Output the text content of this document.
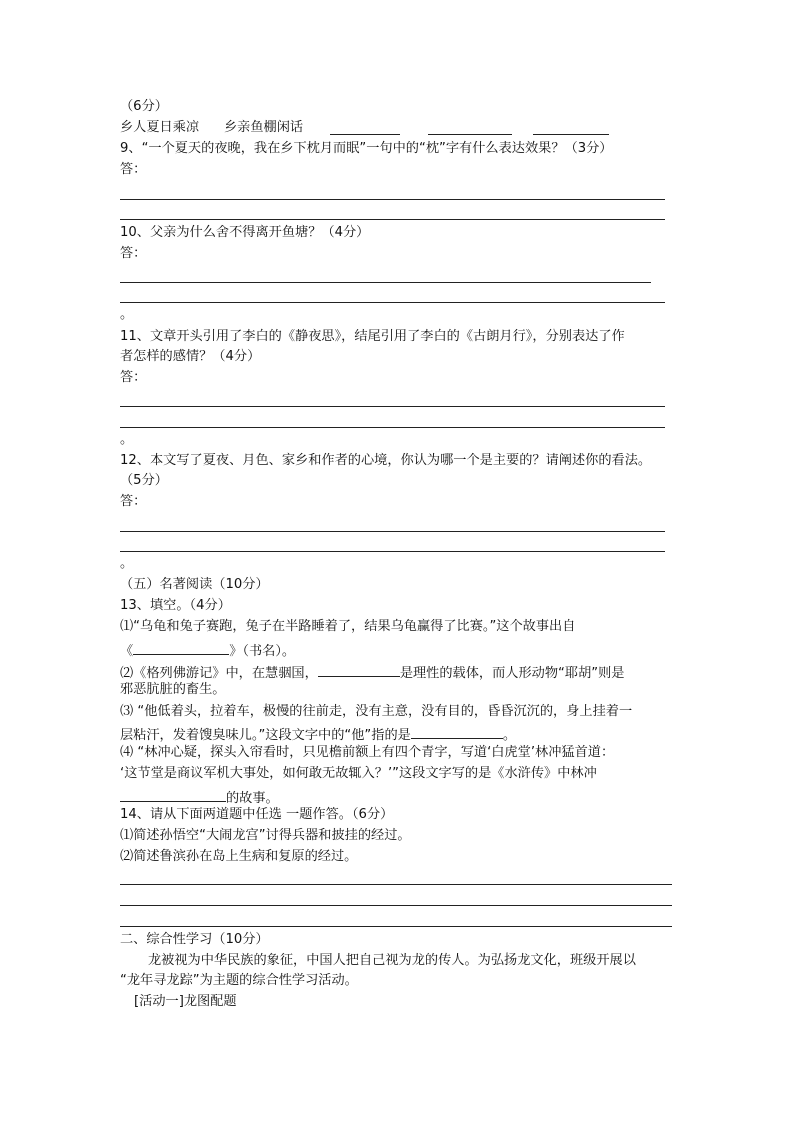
（6分）
乡人夏日乘凉 乡亲鱼棚闲话
9、“一个夏天的夜晚，我在乡下枕月而眠”一句中的“枕”字有什么表达效果？（3分）
答：
10、父亲为什么舍不得离开鱼塘？（4分）
答：
。
11、文章开头引用了李白的《静夜思》，结尾引用了李白的《古朗月行》，分别表达了作
者怎样的感情？（4分）
答：
。
12、本文写了夏夜、月色、家乡和作者的心境，你认为哪一个是主要的？请阐述你的看法。
（5分）
答：
。
（五）名著阅读（10分）
13、填空。（4分）
⑴“乌龟和兔子赛跑，兔子在半路睡着了，结果乌龟赢得了比赛。”这个故事出自
《	》（书名）。
⑵《格列佛游记》中，在慧骃国，	是理性的载体，而人形动物“耶胡”则是
邪恶肮脏的畜生。
⑶ “他低着头，拉着车，极慢的往前走，没有主意，没有目的，昏昏沉沉的，身上挂着一
层粘汗，发着馊臭味儿。”这段文字中的“他”指的是	。
⑷ “林冲心疑，探头入帘看时，只见檐前额上有四个青字，写道‘白虎堂’林冲猛首道：
‘这节堂是商议军机大事处，如何敢无故辄入？’”这段文字写的是《水浒传》中林冲
的故事。
14、请从下面两道题中任选 一题作答。（6分）
⑴简述孙悟空“大闹龙宫”讨得兵器和披挂的经过。
⑵简述鲁滨孙在岛上生病和复原的经过。
二、综合性学习（10分）
龙被视为中华民族的象征，中国人把自己视为龙的传人。为弘扬龙文化，班级开展以
“龙年寻龙踪”为主题的综合性学习活动。
[活动一]龙图配题
